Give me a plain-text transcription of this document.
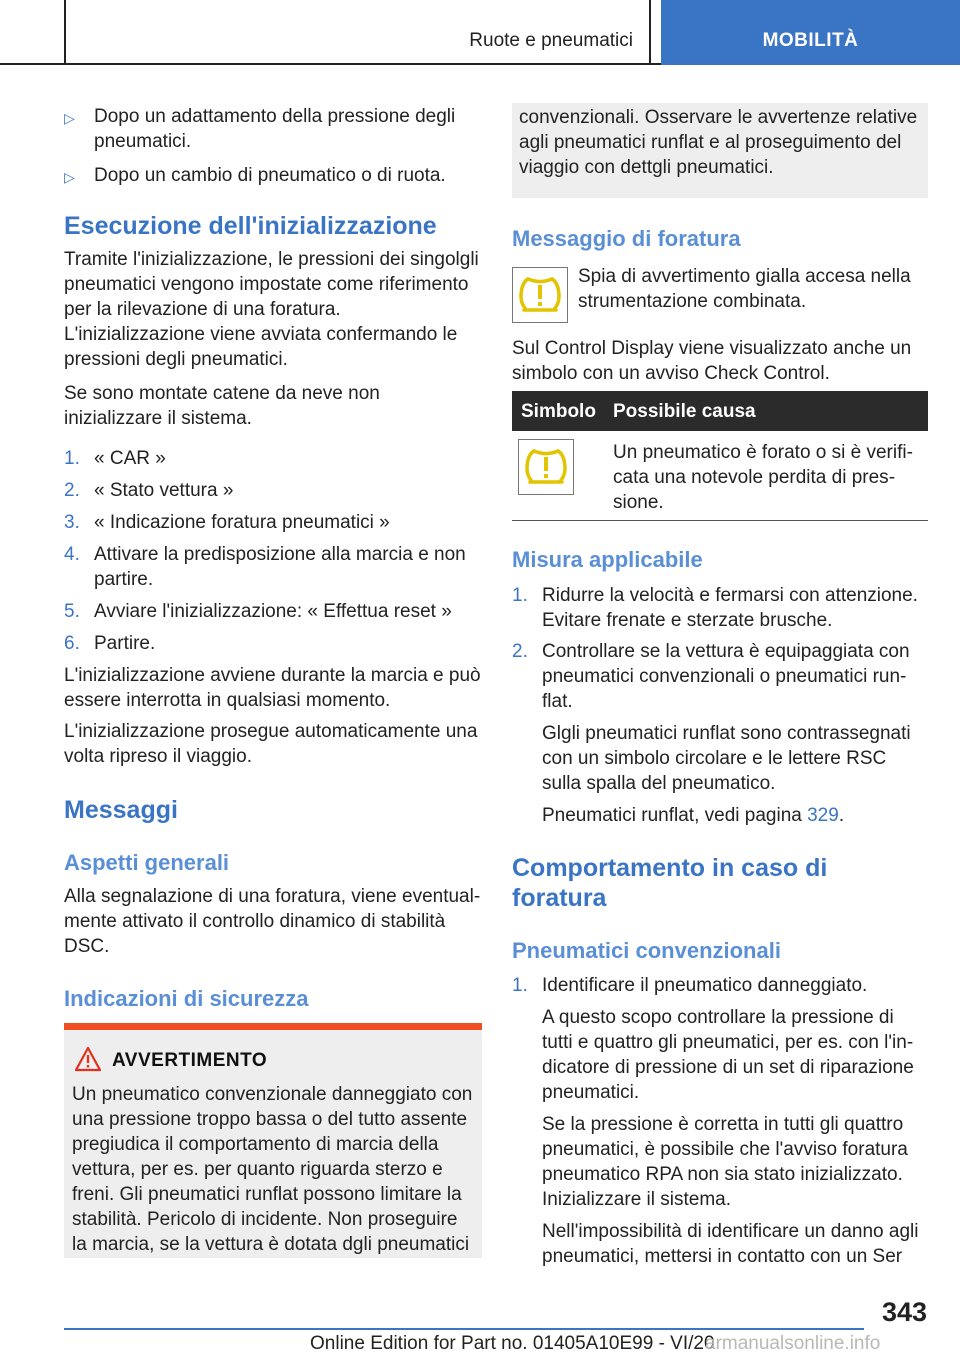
Ruote e pneumatici	MOBILITÀ
▷	Dopo un adattamento della pressione degli pneumatici.
▷	Dopo un cambio di pneumatico o di ruota.
Esecuzione dell'inizializzazione

Tramite l'inizializzazione, le pressioni dei singolgli pneumatici vengono impostate come riferimento per la rilevazione di una foratura. L'inizializzazione viene avviata confermando le pressioni degli pneumatici.

Se sono montate catene da neve non inizializzare il sistema.

1. « CAR »
2. « Stato vettura »
3. « Indicazione foratura pneumatici »
4. Attivare la predisposizione alla marcia e non partire.
5. Avviare l'inizializzazione: « Effettua reset »
6. Partire.

L'inizializzazione avviene durante la marcia e può essere interrotta in qualsiasi momento.

L'inizializzazione prosegue automaticamente una volta ripreso il viaggio.

Messaggi
Aspetti generali

Alla segnalazione di una foratura, viene eventualmente attivato il controllo dinamico di stabilità DSC.

Indicazioni di sicurezza
AVVERTIMENTO

Un pneumatico convenzionale danneggiato con una pressione troppo bassa o del tutto assente pregiudica il comportamento di marcia della vettura, per es. per quanto riguarda sterzo e freni. Gli pneumatici runflat possono limitare la stabilità. Pericolo di incidente. Non proseguire la marcia, se la vettura è dotata dgli pneumatici

convenzionali. Osservare le avvertenze relative agli pneumatici runflat e al proseguimento del viaggio con dettgli pneumatici.

Messaggio di foratura

Spia di avvertimento gialla accesa nella strumentazione combinata.

Sul Control Display viene visualizzato anche un simbolo con un avviso Check Control.

Simbolo Possibile causa

Un pneumatico è forato o si è verificata una notevole perdita di pressione.

Misura applicabile
1. Ridurre la velocità e fermarsi con attenzione. Evitare frenate e sterzate brusche.
2. Controllare se la vettura è equipaggiata con pneumatici convenzionali o pneumatici runflat.

Glgli pneumatici runflat sono contrassegnati con un simbolo circolare e le lettere RSC sulla spalla del pneumatico.

Pneumatici runflat, vedi pagina 329.

Comportamento in caso di foratura
Pneumatici convenzionali
1. Identificare il pneumatico danneggiato.

A questo scopo controllare la pressione di tutti e quattro gli pneumatici, per es. con l'indicatore di pressione di un set di riparazione pneumatici.

Se la pressione è corretta in tutti gli quattro pneumatici, è possibile che l'avviso foratura pneumatico RPA non sia stato inizializzato. Inizializzare il sistema.

Nell'impossibilità di identificare un danno agli pneumatici, mettersi in contatto con un Ser

343
Online Edition for Part no. 01405A10E99 - VI/20
armanualsonline.info
